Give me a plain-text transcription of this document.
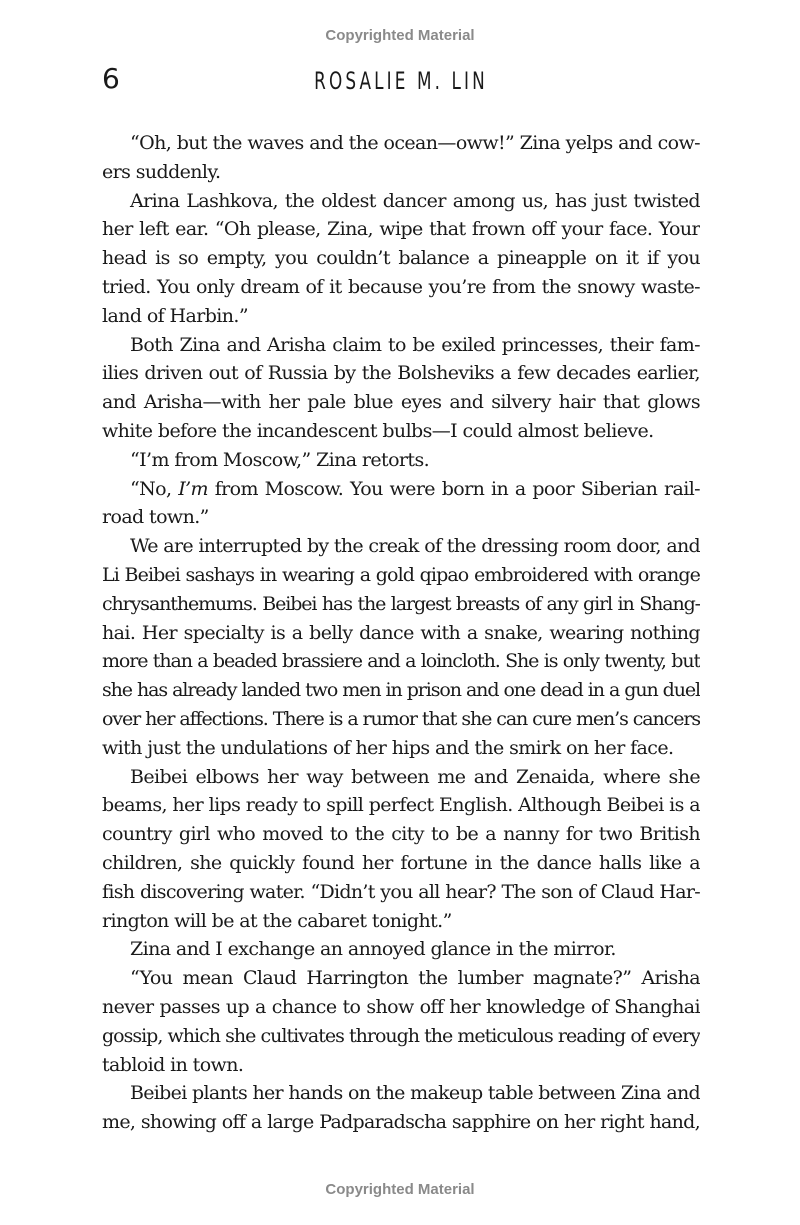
Copyrighted Material
6	ROSALIE M. LIN
“Oh, but the waves and the ocean—oww!” Zina yelps and cow-
ers suddenly.
Arina Lashkova, the oldest dancer among us, has just twisted
her left ear. “Oh please, Zina, wipe that frown off your face. Your
head is so empty, you couldn’t balance a pineapple on it if you
tried. You only dream of it because you’re from the snowy waste-
land of Harbin.”
Both Zina and Arisha claim to be exiled princesses, their fam-
ilies driven out of Russia by the Bolsheviks a few decades earlier,
and Arisha—with her pale blue eyes and silvery hair that glows
white before the incandescent bulbs—I could almost believe.
“I’m from Moscow,” Zina retorts.
“No, I’m from Moscow. You were born in a poor Siberian rail-
road town.”
We are interrupted by the creak of the dressing room door, and
Li Beibei sashays in wearing a gold qipao embroidered with orange
chrysanthemums. Beibei has the largest breasts of any girl in Shang-
hai. Her specialty is a belly dance with a snake, wearing nothing
more than a beaded brassiere and a loincloth. She is only twenty, but
she has already landed two men in prison and one dead in a gun duel
over her affections. There is a rumor that she can cure men’s cancers
with just the undulations of her hips and the smirk on her face.
Beibei elbows her way between me and Zenaida, where she
beams, her lips ready to spill perfect English. Although Beibei is a
country girl who moved to the city to be a nanny for two British
children, she quickly found her fortune in the dance halls like a
fish discovering water. “Didn’t you all hear? The son of Claud Har-
rington will be at the cabaret tonight.”
Zina and I exchange an annoyed glance in the mirror.
“You mean Claud Harrington the lumber magnate?” Arisha
never passes up a chance to show off her knowledge of Shanghai
gossip, which she cultivates through the meticulous reading of every
tabloid in town.
Beibei plants her hands on the makeup table between Zina and
me, showing off a large Padparadscha sapphire on her right hand,
Copyrighted Material
